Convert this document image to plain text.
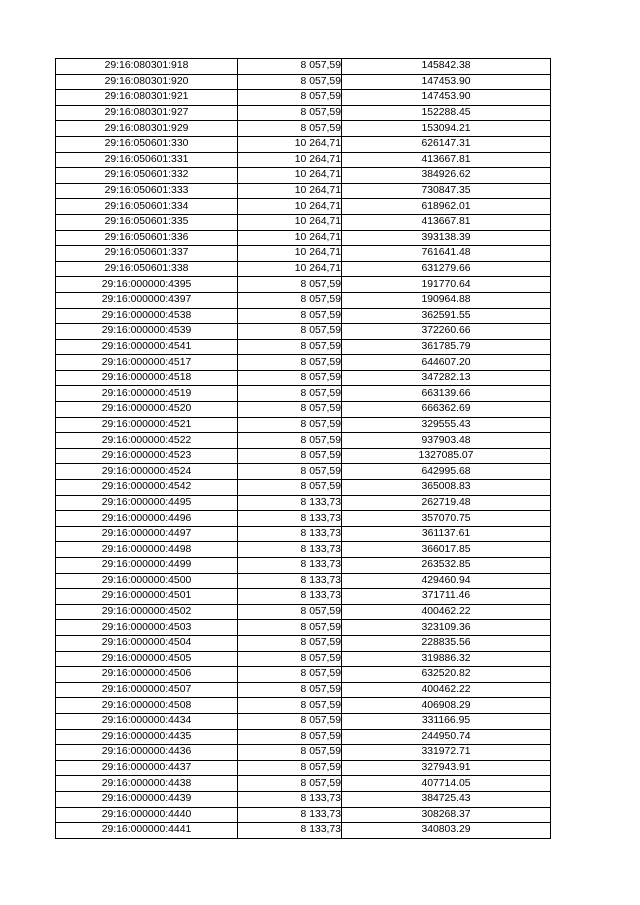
29:16:080301:918	8 057,59	145842.38
29:16:080301:920	8 057,59	147453.90
29:16:080301:921	8 057,59	147453.90
29:16:080301:927	8 057,59	152288.45
29:16:080301:929	8 057,59	153094.21
29:16:050601:330	10 264,71	626147.31
29:16:050601:331	10 264,71	413667.81
29:16:050601:332	10 264,71	384926.62
29:16:050601:333	10 264,71	730847.35
29:16:050601:334	10 264,71	618962.01
29:16:050601:335	10 264,71	413667.81
29:16:050601:336	10 264,71	393138.39
29:16:050601:337	10 264,71	761641.48
29:16:050601:338	10 264,71	631279.66
29:16:000000:4395	8 057,59	191770.64
29:16:000000:4397	8 057,59	190964.88
29:16:000000:4538	8 057,59	362591.55
29:16:000000:4539	8 057,59	372260.66
29:16:000000:4541	8 057,59	361785.79
29:16:000000:4517	8 057,59	644607.20
29:16:000000:4518	8 057,59	347282.13
29:16:000000:4519	8 057,59	663139.66
29:16:000000:4520	8 057,59	666362.69
29:16:000000:4521	8 057,59	329555.43
29:16:000000:4522	8 057,59	937903.48
29:16:000000:4523	8 057,59	1327085.07
29:16:000000:4524	8 057,59	642995.68
29:16:000000:4542	8 057,59	365008.83
29:16:000000:4495	8 133,73	262719.48
29:16:000000:4496	8 133,73	357070.75
29:16:000000:4497	8 133,73	361137.61
29:16:000000:4498	8 133,73	366017.85
29:16:000000:4499	8 133,73	263532.85
29:16:000000:4500	8 133,73	429460.94
29:16:000000:4501	8 133,73	371711.46
29:16:000000:4502	8 057,59	400462.22
29:16:000000:4503	8 057,59	323109.36
29:16:000000:4504	8 057,59	228835.56
29:16:000000:4505	8 057,59	319886.32
29:16:000000:4506	8 057,59	632520.82
29:16:000000:4507	8 057,59	400462.22
29:16:000000:4508	8 057,59	406908.29
29:16:000000:4434	8 057,59	331166.95
29:16:000000:4435	8 057,59	244950.74
29:16:000000:4436	8 057,59	331972.71
29:16:000000:4437	8 057,59	327943.91
29:16:000000:4438	8 057,59	407714.05
29:16:000000:4439	8 133,73	384725.43
29:16:000000:4440	8 133,73	308268.37
29:16:000000:4441	8 133,73	340803.29
